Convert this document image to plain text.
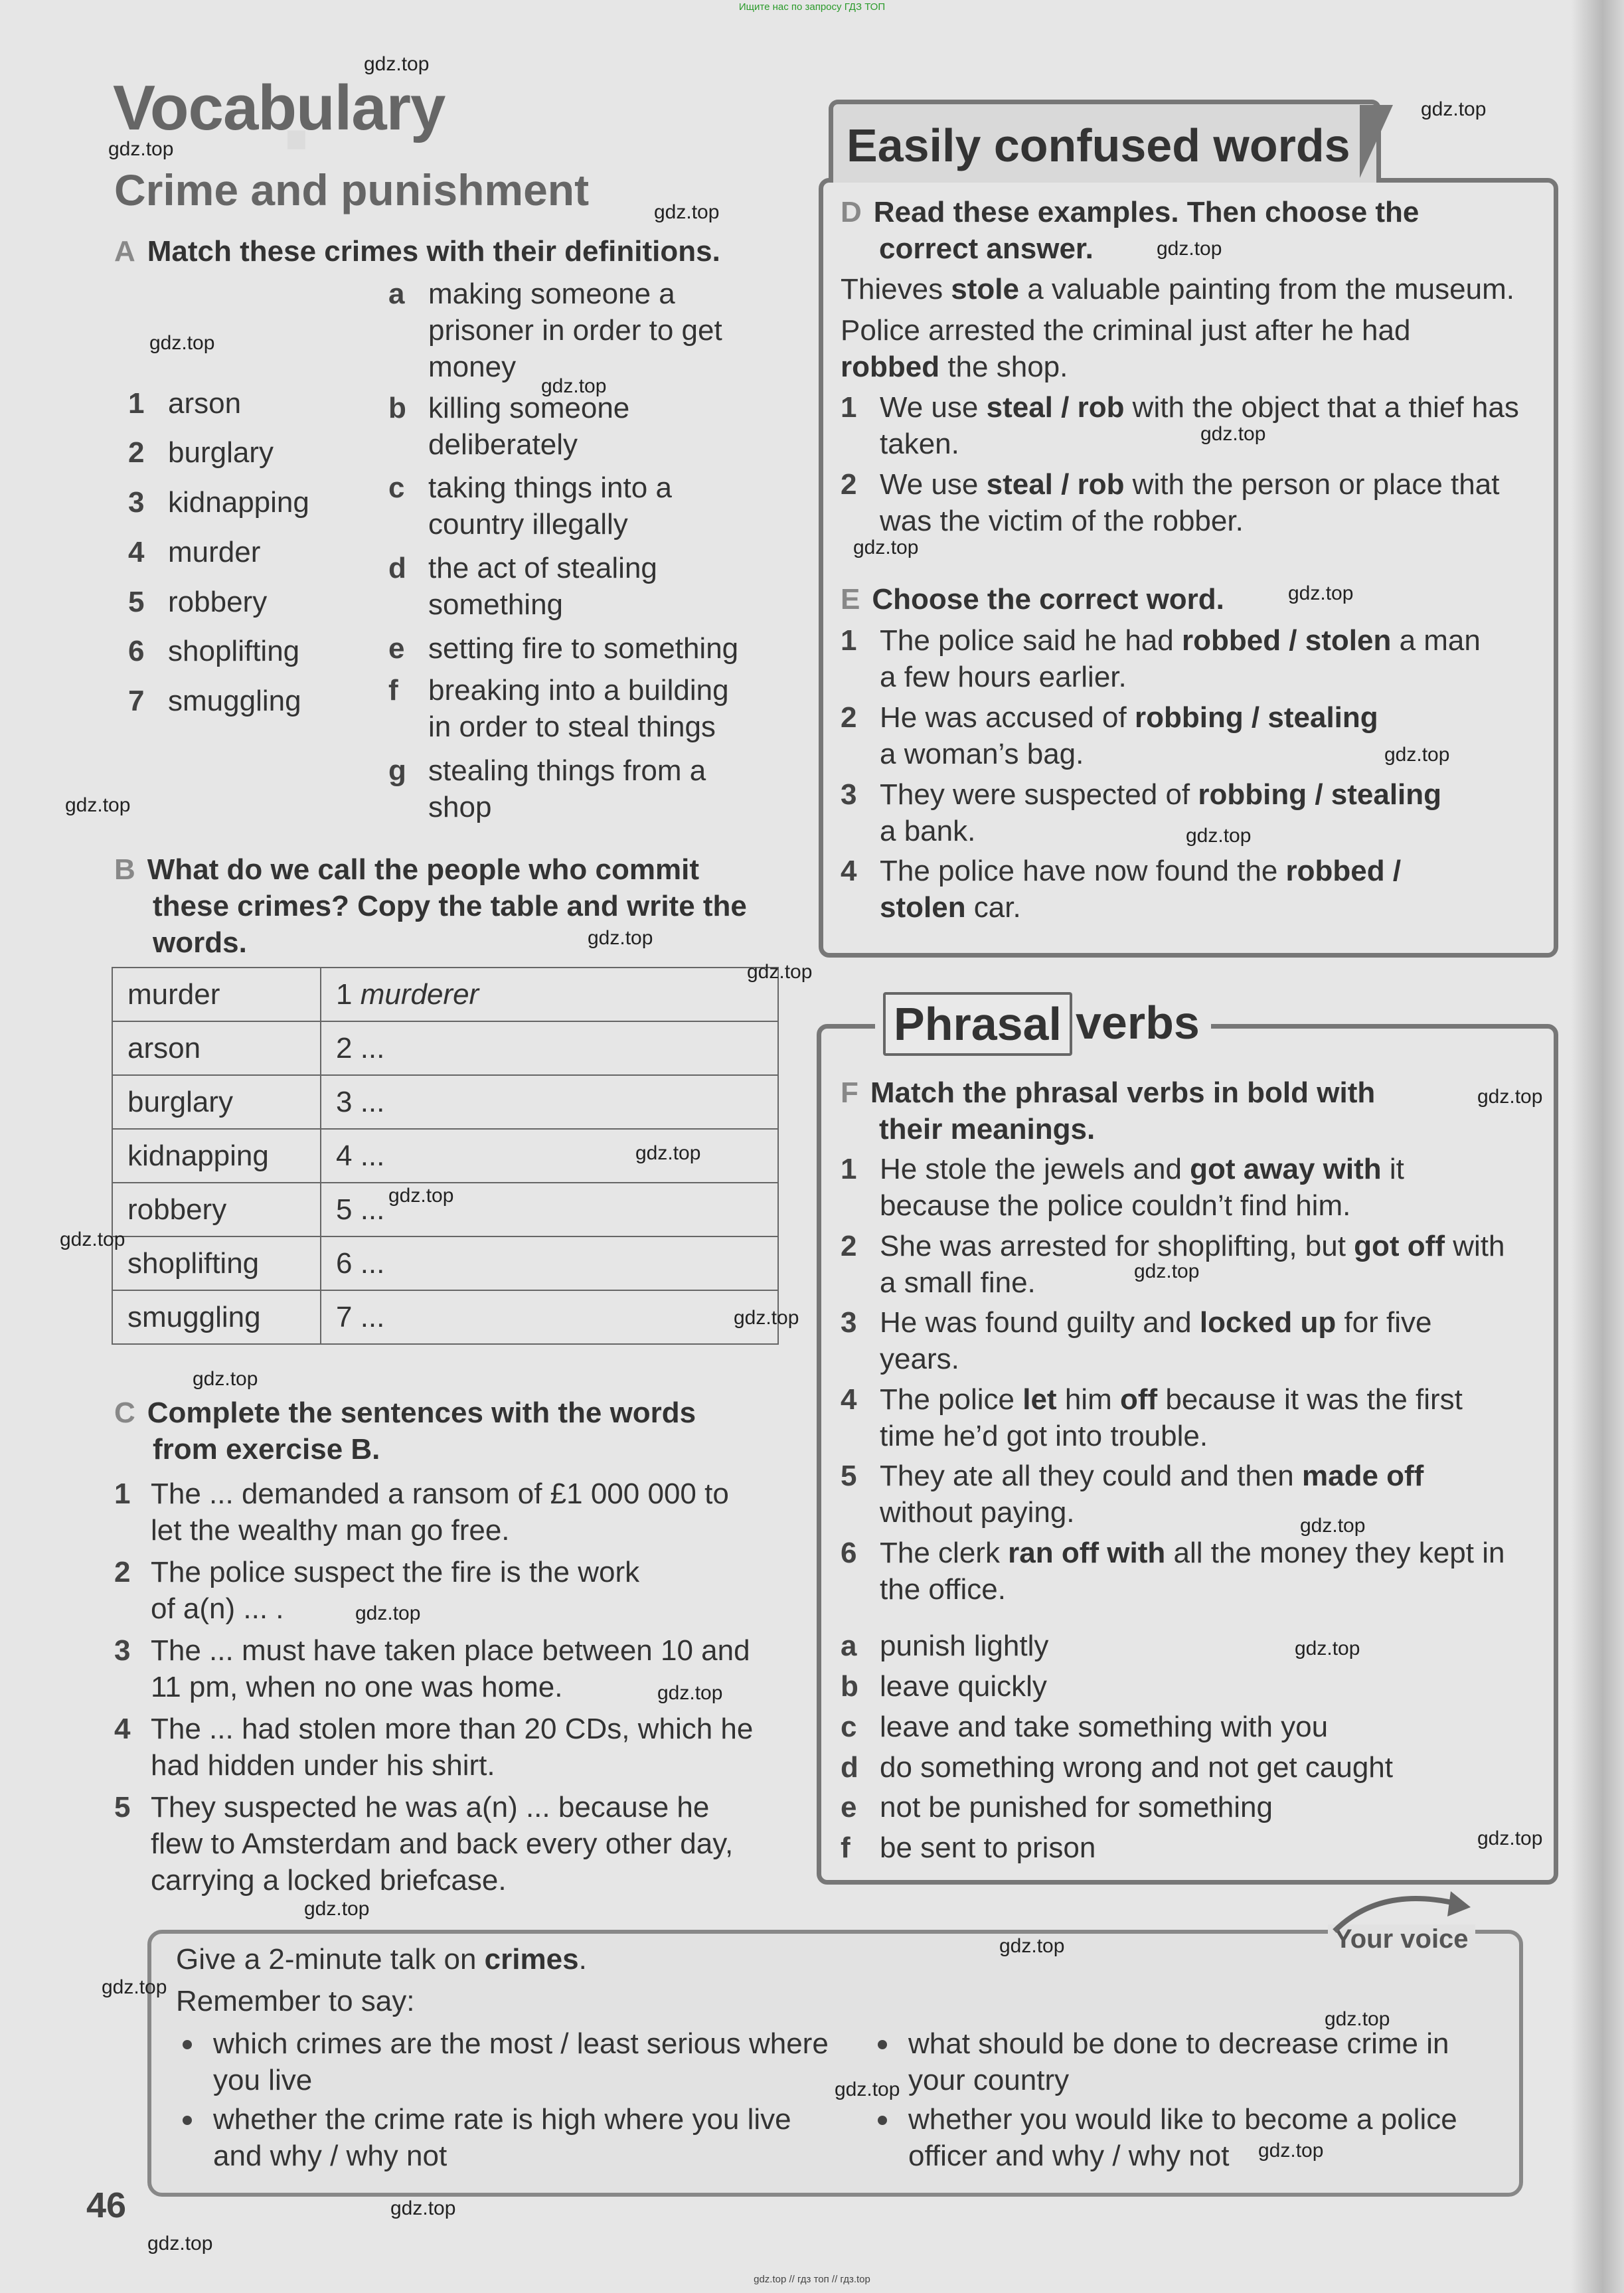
Ищите нас по запросу ГДЗ ТОП
gdz.top // гдз топ // гдз.top
Vocabulary
Crime and punishment
A Match these crimes with their definitions.
1 arson
2 burglary
3 kidnapping
4 murder
5 robbery
6 shoplifting
7 smuggling
a making someone a
prisoner in order to get
money
b killing someone
deliberately
c taking things into a
country illegally
d the act of stealing
something
e setting fire to something
f breaking into a building
in order to steal things
g stealing things from a
shop
B What do we call the people who commit
these crimes? Copy the table and write the
words.
murder	1 murderer
arson	2 ...
burglary	3 ...
kidnapping	4 ...
robbery	5 ...
shoplifting	6 ...
smuggling	7 ...
C Complete the sentences with the words
from exercise B.
1 The ... demanded a ransom of £1 000 000 to
let the wealthy man go free.
2 The police suspect the fire is the work
of a(n) ... .
3 The ... must have taken place between 10 and
11 pm, when no one was home.
4 The ... had stolen more than 20 CDs, which he
had hidden under his shirt.
5 They suspected he was a(n) ... because he
flew to Amsterdam and back every other day,
carrying a locked briefcase.
Easily confused words
D Read these examples. Then choose the
correct answer.
Thieves stole a valuable painting from the museum.
Police arrested the criminal just after he had
robbed the shop.
1 We use steal / rob with the object that a thief has
taken.
2 We use steal / rob with the person or place that
was the victim of the robber.
E Choose the correct word.
1 The police said he had robbed / stolen a man
a few hours earlier.
2 He was accused of robbing / stealing
a woman’s bag.
3 They were suspected of robbing / stealing
a bank.
4 The police have now found the robbed /
stolen car.
Phrasal verbs
F Match the phrasal verbs in bold with
their meanings.
1 He stole the jewels and got away with it
because the police couldn’t find him.
2 She was arrested for shoplifting, but got off with
a small fine.
3 He was found guilty and locked up for five
years.
4 The police let him off because it was the first
time he’d got into trouble.
5 They ate all they could and then made off
without paying.
6 The clerk ran off with all the money they kept in
the office.
a punish lightly
b leave quickly
c leave and take something with you
d do something wrong and not get caught
e not be punished for something
f be sent to prison
Your voice
Give a 2-minute talk on crimes.
Remember to say:
which crimes are the most / least serious where you live
whether the crime rate is high where you live and why / why not
what should be done to decrease crime in your country
whether you would like to become a police officer and why / why not
46
gdz.top
gdz.top
gdz.top
gdz.top
gdz.top
gdz.top
gdz.top
gdz.top
gdz.top
gdz.top
gdz.top
gdz.top
gdz.top
gdz.top
gdz.top
gdz.top
gdz.top
gdz.top
gdz.top
gdz.top
gdz.top
gdz.top
gdz.top
gdz.top
gdz.top
gdz.top
gdz.top
gdz.top
gdz.top
gdz.top
gdz.top
gdz.top
gdz.top
gdz.top
gdz.top
